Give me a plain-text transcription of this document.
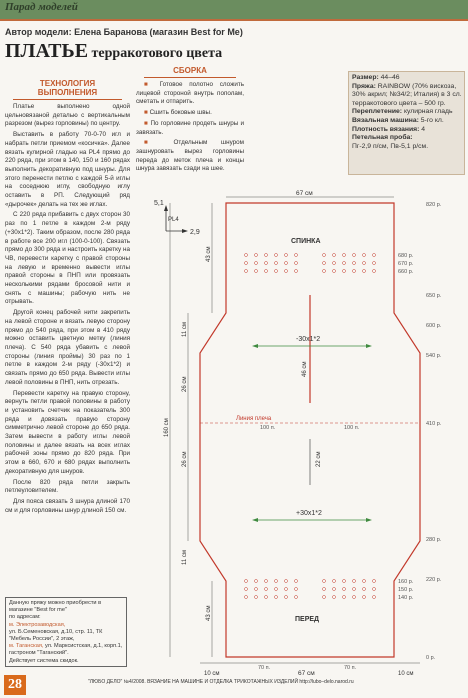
Парад моделей
Автор модели: Елена Баранова (магазин Best for Me)
ПЛАТЬЕ терракотового цвета
ТЕХНОЛОГИЯ
ВЫПОЛНЕНИЯ

Платье выполнено одной цельновязаной деталью с вертикальным разрезом (вырез горловины) по центру.

Выставить в работу 70-0-70 игл и набрать петли приемом «косичка». Далее вязать кулирной гладью на PL4 прямо до 220 ряда, при этом в 140, 150 и 160 рядах выполнить декоративную под шнуры. Для этого перенести петлю с каждой 5-й иглы на соседнюю иглу, свободную иглу оставить в РП. Следующий ряд «дырочек» делать на тех же иглах.

С 220 ряда прибавить с двух сторон 30 раз по 1 петле в каждом 2-м ряду (+30х1*2). Таким образом, после 280 ряда в работе все 200 игл (100-0-100). Связать прямо до 300 ряда и настроить каретку на ЧВ, перевести каретку с правой стороны на левую и временно вывести иглы правой стороны в ПНП или провязать несколькими рядами бросовой нити и снять с машины; рабочую нить не отрывать.

Другой конец рабочей нити закрепить на левой стороне и вязать левую сторону прямо до 540 ряда, при этом в 410 ряду можно оставить цветную метку (линия плеча). С 540 ряда убавить с левой стороны (линия проймы) 30 раз по 1 петле в каждом 2-м ряду (-30х1*2) и связать прямо до 650 ряда. Вывести иглы левой половины в ПНП, нить отрезать.

Перевести каретку на правую сторону, вернуть петли правой половины в работу и установить счетчик на показатель 300 ряда и довязать правую сторону симметрично левой стороне до 650 ряда. Затем вывести в работу иглы левой половины и далее вязать на всех иглах рабочей зоны прямо до 820 ряда. При этом в 660, 670 и 680 рядах выполнить декоративную для шнуров.

После 820 ряда петли закрыть петлеуловителем.

Для пояса связать 3 шнура длиной 170 см и для горловины шнур длиной 150 см.

СБОРКА

■ Готовое полотно сложить лицевой стороной внутрь пополам, сметать и отпарить.

■ Сшить боковые швы.

■ По горловине продеть шнуры и завязать.

■ Отдельным шнуром зашнуровать вырез горловины переда до меток плеча и концы шнура завязать сзади на шее.

Размер: 44–46
Пряжа: RAINBOW (70% вискоза, 30% акрил; №34/2; Италия) в 3 сл. терракотового цвета – 500 гр.
Переплетение: кулирная гладь
Вязальная машина: 5-го кл.
Плотность вязания: 4
Петельная проба:
Пг-2,9 п/см, Пв-5,1 р/см.
5,1
2,9
PL4
67 см
Линия плеча
-30х1*2
+30х1*2
СПИНКА
ПЕРЕД
46 см
22 см
43 см
11 см
26 см
26 см
11 см
43 см
160 см
820 р.
680 р.
670 р.
660 р.
650 р.
600 р.
540 р.
410 р.
280 р.
220 р.
160 р.
150 р.
140 р.
0 р.
100 п.	100 п.
70 п.	70 п.
10 см	67 см	10 см
Данную пряжу можно приобрести в магазине "Best for me"
по адресам:
м. Электрозаводская,
ул. Б.Семеновская, д.10, стр. 11, ТК "Мебель России", 2 этаж,
м. Таганская, ул. Марксистская, д.1, корп.1, гастроном "Таганский".
Действует система скидок.
28	"ЛЮБО ДЕЛО" №4/2008. ВЯЗАНИЕ НА МАШИНЕ И ОТДЕЛКА ТРИКОТАЖНЫХ ИЗДЕЛИЙ http://lubo–delo.narod.ru
